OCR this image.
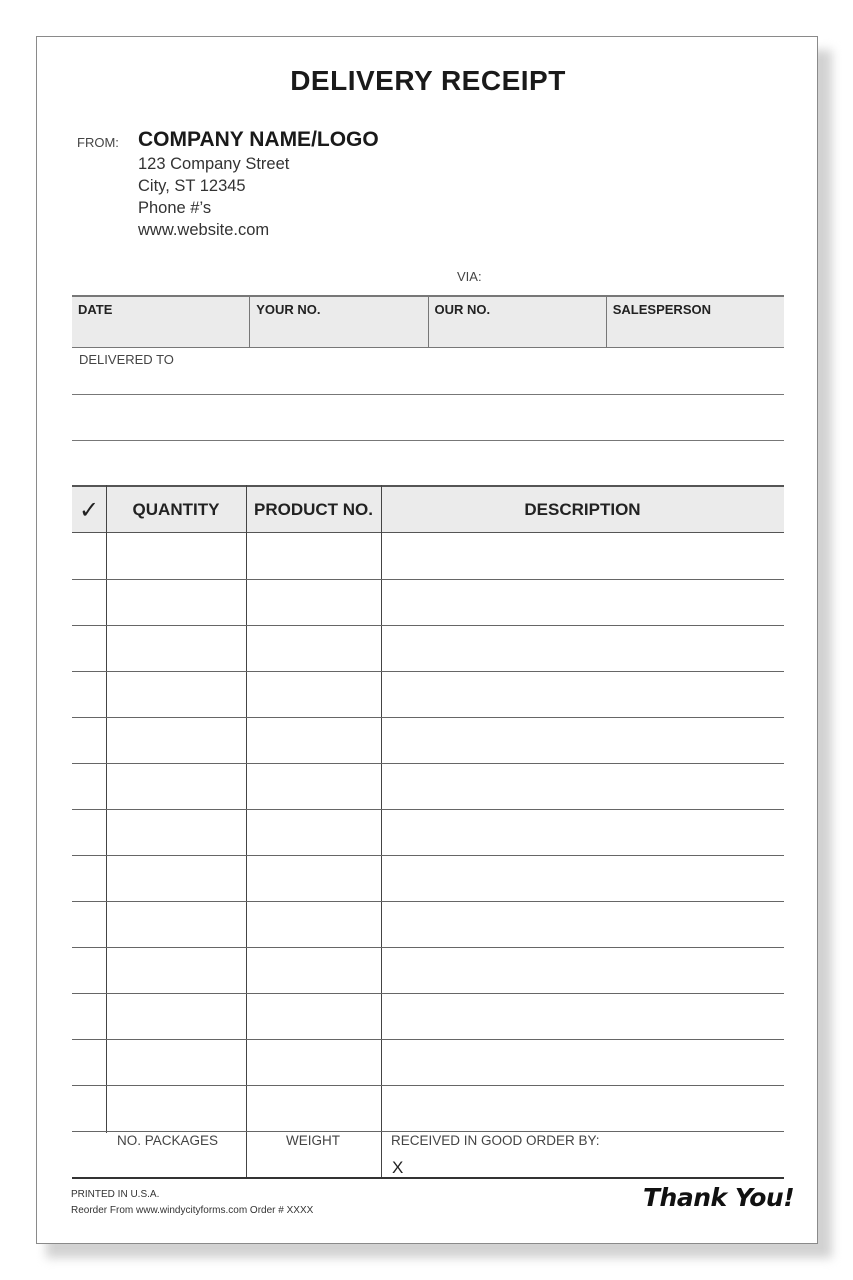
DELIVERY RECEIPT
FROM: COMPANY NAME/LOGO
123 Company Street
City, ST 12345
Phone #’s
www.website.com
VIA:
DATE	YOUR NO.	OUR NO.	SALESPERSON
DELIVERED TO
✓	QUANTITY	PRODUCT NO.	DESCRIPTION
NO. PACKAGES	WEIGHT	RECEIVED IN GOOD ORDER BY:
X
PRINTED IN U.S.A.
Reorder From www.windycityforms.com Order # XXXX	Thank You!
